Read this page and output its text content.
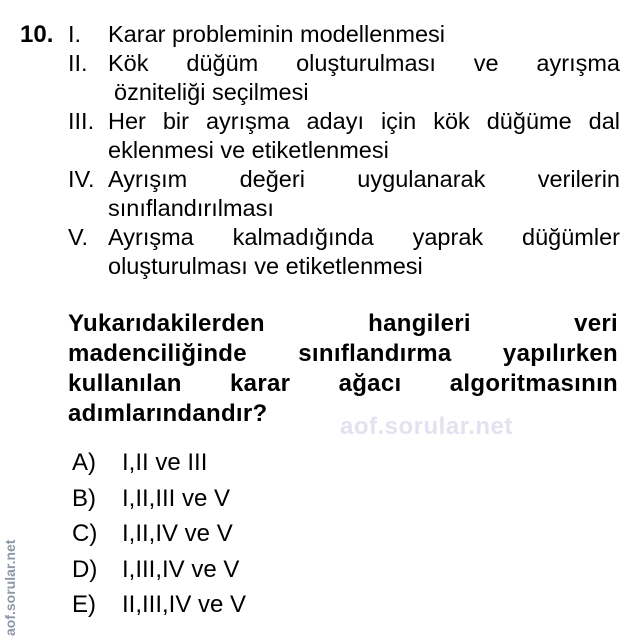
10. I.	Karar probleminin modellenmesi
II. Kök düğüm oluşturulması ve ayrışma
özniteliği seçilmesi
III. Her bir ayrışma adayı için kök düğüme dal
eklenmesi ve etiketlenmesi
IV. Ayrışım değeri uygulanarak verilerin
sınıflandırılması
V. Ayrışma kalmadığında yaprak düğümler
oluşturulması ve etiketlenmesi
Yukarıdakilerden hangileri veri
madenciliğinde sınıflandırma yapılırken
kullanılan karar ağacı algoritmasının
adımlarındandır?	aof.sorular.net
A)	I,II ve III
B)	I,II,III ve V
C)	I,II,IV ve V
D)	I,III,IV ve V
E)	II,III,IV ve V
aof.sorular.net
